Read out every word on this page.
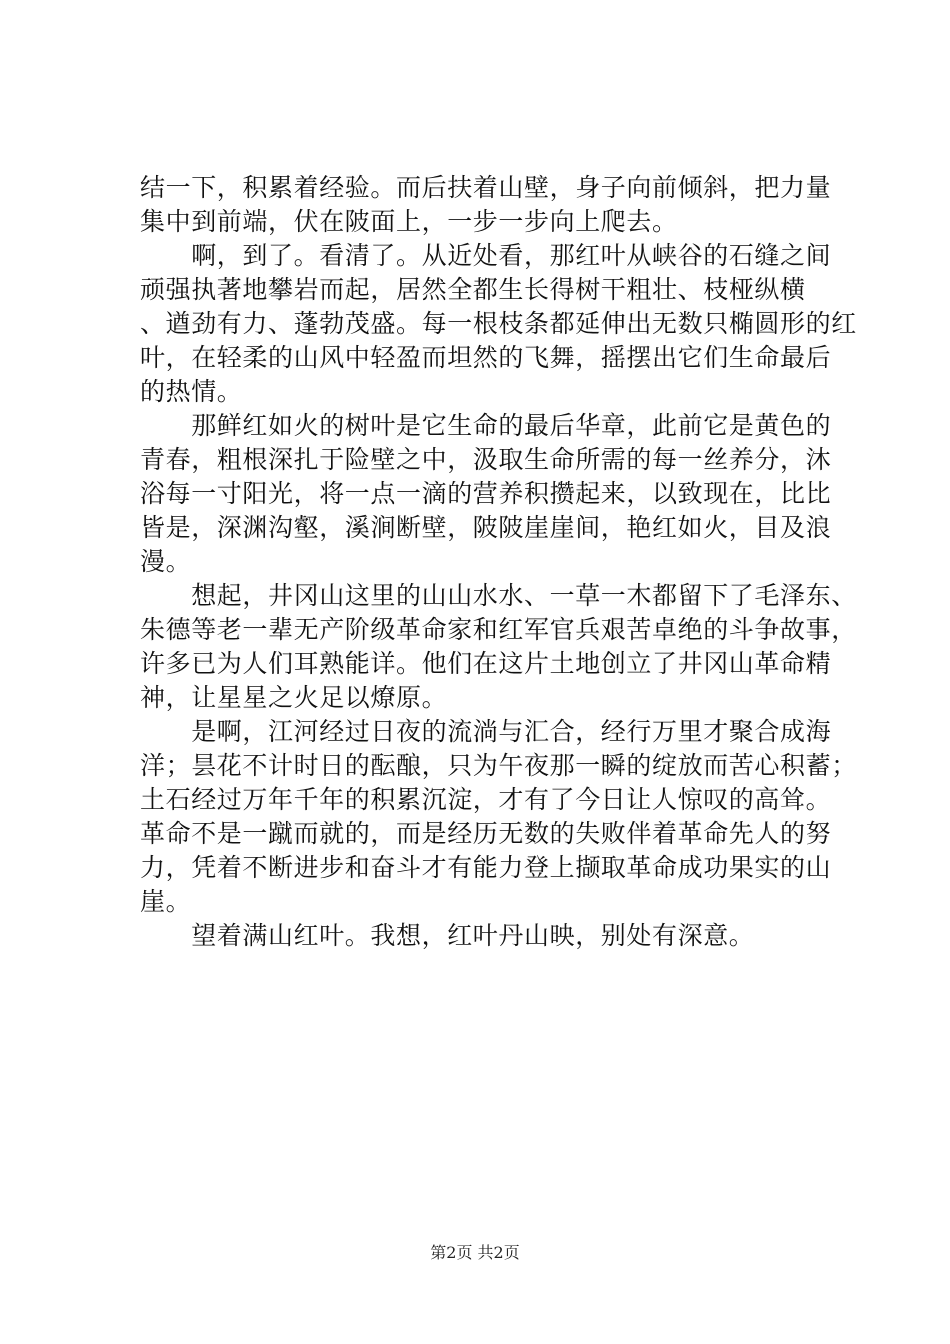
结一下，积累着经验。而后扶着山壁，身子向前倾斜，把力量
集中到前端，伏在陂面上，一步一步向上爬去。
　　啊，到了。看清了。从近处看，那红叶从峡谷的石缝之间
顽强执著地攀岩而起，居然全都生长得树干粗壮、枝桠纵横
、遒劲有力、蓬勃茂盛。每一根枝条都延伸出无数只椭圆形的红
叶，在轻柔的山风中轻盈而坦然的飞舞，摇摆出它们生命最后
的热情。
　　那鲜红如火的树叶是它生命的最后华章，此前它是黄色的
青春，粗根深扎于险壁之中，汲取生命所需的每一丝养分，沐
浴每一寸阳光，将一点一滴的营养积攒起来，以致现在，比比
皆是，深渊沟壑，溪涧断壁，陂陂崖崖间，艳红如火，目及浪
漫。
　　想起，井冈山这里的山山水水、一草一木都留下了毛泽东、
朱德等老一辈无产阶级革命家和红军官兵艰苦卓绝的斗争故事，
许多已为人们耳熟能详。他们在这片土地创立了井冈山革命精
神，让星星之火足以燎原。
　　是啊，江河经过日夜的流淌与汇合，经行万里才聚合成海
洋；昙花不计时日的酝酿，只为午夜那一瞬的绽放而苦心积蓄；
土石经过万年千年的积累沉淀，才有了今日让人惊叹的高耸。
革命不是一蹴而就的，而是经历无数的失败伴着革命先人的努
力，凭着不断进步和奋斗才有能力登上撷取革命成功果实的山
崖。
　　望着满山红叶。我想，红叶丹山映，别处有深意。
第2页 共2页
